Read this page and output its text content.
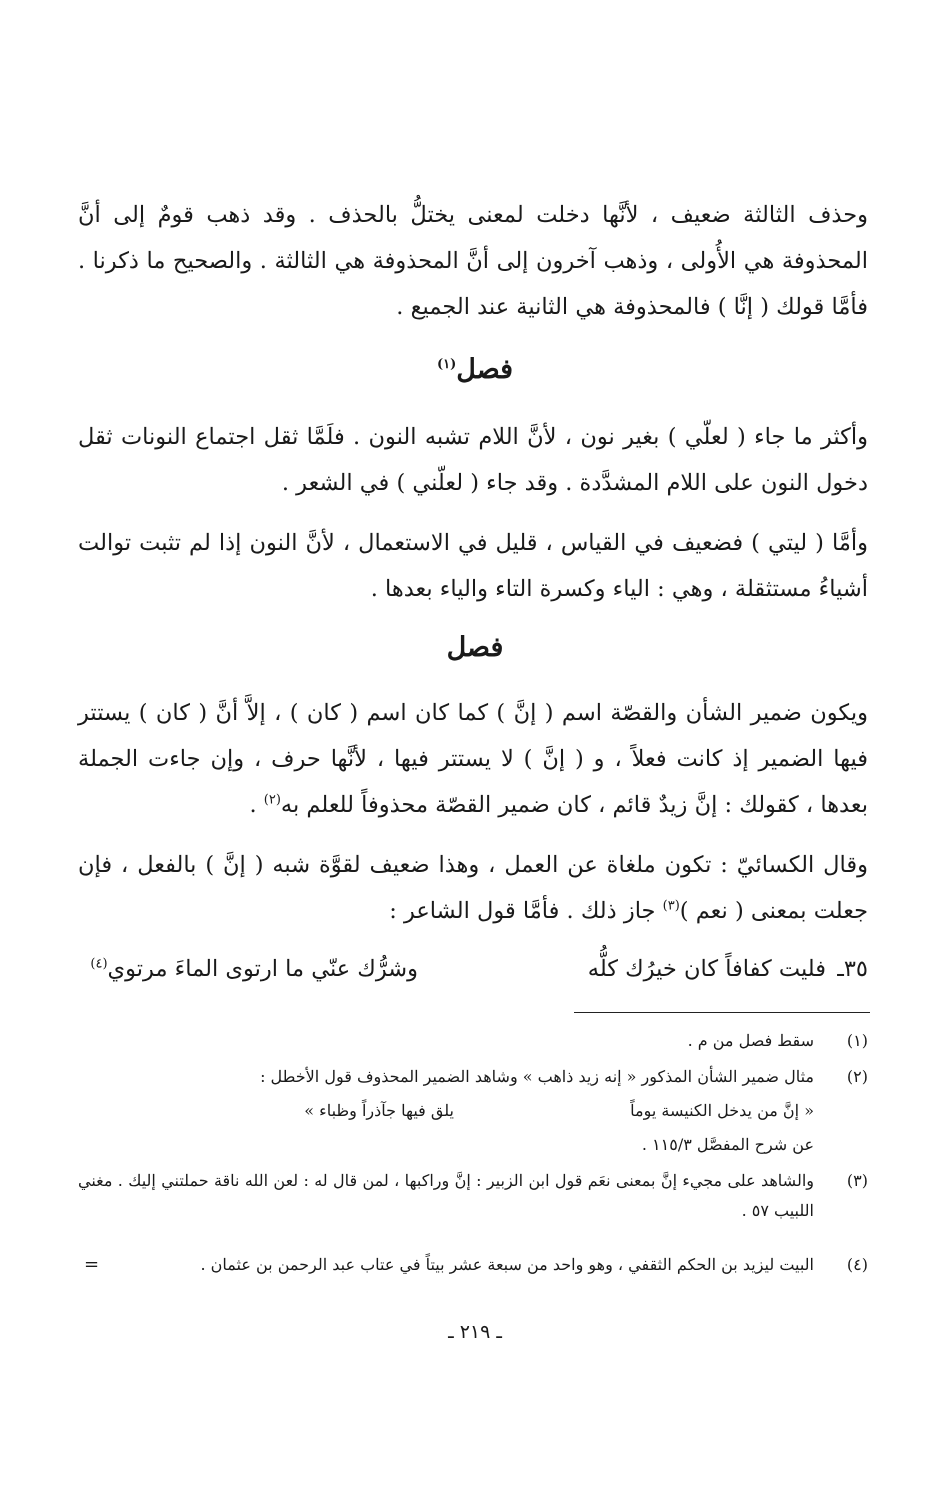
وحذف الثالثة ضعيف ، لأنَّها دخلت لمعنى يختلُّ بالحذف . وقد ذهب قومٌ إلى أنَّ المحذوفة هي الأُولى ، وذهب آخرون إلى أنَّ المحذوفة هي الثالثة . والصحيح ما ذكرنا . فأمَّا قولك ( إنَّا ) فالمحذوفة هي الثانية عند الجميع .

فصل$^{(١)}$

وأكثر ما جاء ( لعلّي ) بغير نون ، لأنَّ اللام تشبه النون . فلَمَّا ثقل اجتماع النونات ثقل دخول النون على اللام المشدَّدة . وقد جاء ( لعلّني ) في الشعر .

وأمَّا ( ليتي ) فضعيف في القياس ، قليل في الاستعمال ، لأنَّ النون إذا لم تثبت توالت أشياءُ مستثقلة ، وهي : الياء وكسرة التاء والياء بعدها .

فصل

ويكون ضمير الشأن والقصّة اسم ( إنَّ ) كما كان اسم ( كان ) ، إلاَّ أنَّ ( كان ) يستتر فيها الضمير إذ كانت فعلاً ، و ( إنَّ ) لا يستتر فيها ، لأنَّها حرف ، وإن جاءت الجملة بعدها ، كقولك : إنَّ زيدٌ قائم ، كان ضمير القصّة محذوفاً للعلم به$^{(٢)}$ .

وقال الكسائيّ : تكون ملغاة عن العمل ، وهذا ضعيف لقوَّة شبه ( إنَّ ) بالفعل ، فإن جعلت بمعنى ( نعم )$^{(٣)}$ جاز ذلك . فأمَّا قول الشاعر :

٣٥ـ
فليت كفافاً كان خيرُك كلُّه
وشرُّك عنّي ما ارتوى الماءَ مرتوي$^{(٤)}$
(١)
سقط فصل من م .
(٢)
مثال ضمير الشأن المذكور « إنه زيد ذاهب » وشاهد الضمير المحذوف قول الأخطل :
« إنَّ من يدخل الكنيسة يوماً
يلق فيها جآذراً وظباء »
عن شرح المفصَّل ١١٥/٣ .
(٣)
والشاهد على مجيء إنَّ بمعنى نعَم قول ابن الزبير : إنَّ وراكبها ، لمن قال له : لعن الله ناقة حملتني إليك . مغني اللبيب ٥٧ .
(٤)
البيت ليزيد بن الحكم الثقفي ، وهو واحد من سبعة عشر بيتاً في عتاب عبد الرحمن بن عثمان .
=
ـ ٢١٩ ـ
